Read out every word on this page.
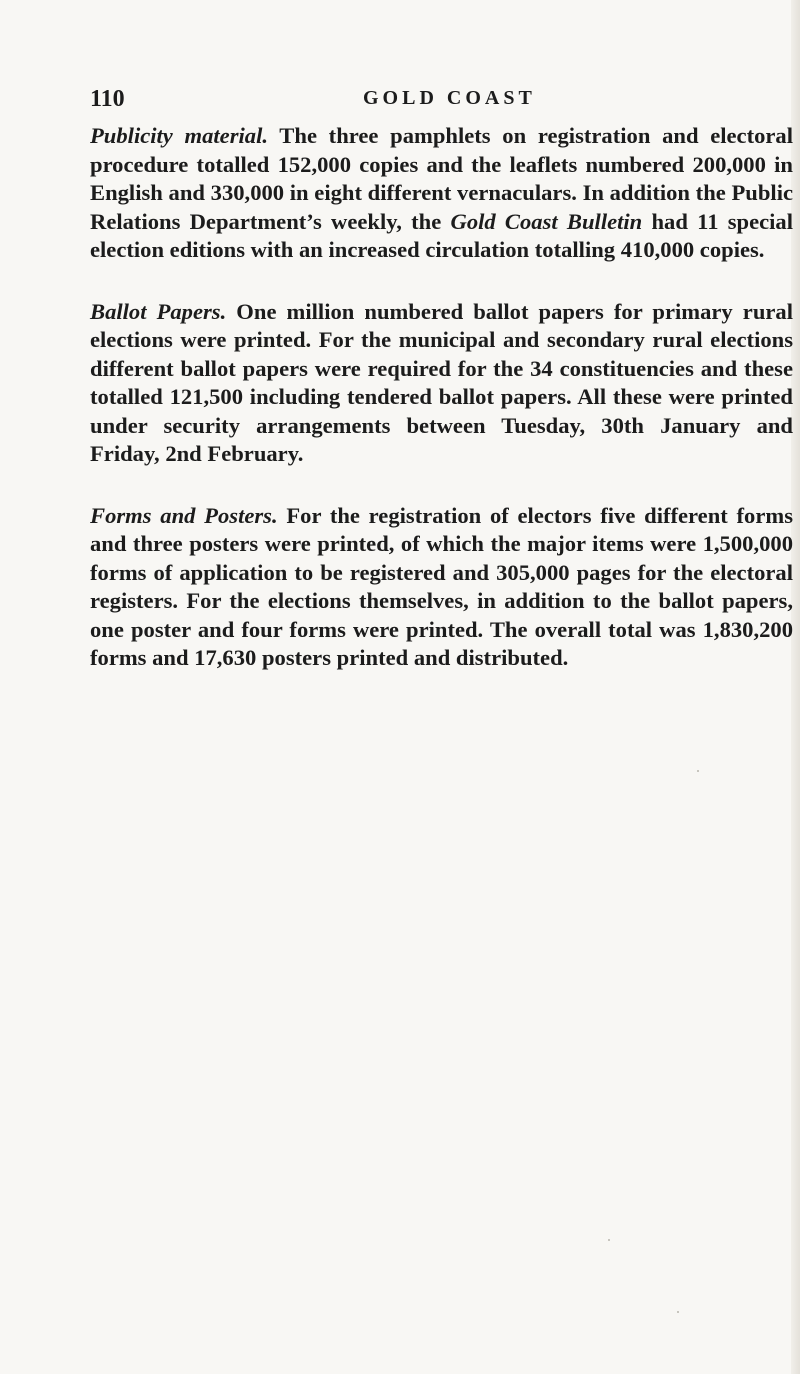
110	GOLD COAST

Publicity material. The three pamphlets on registration and electoral procedure totalled 152,000 copies and the leaflets numbered 200,000 in English and 330,000 in eight different vernaculars. In addition the Public Relations Department’s weekly, the Gold Coast Bulletin had 11 special election editions with an increased circulation totalling 410,000 copies.

Ballot Papers. One million numbered ballot papers for primary rural elections were printed. For the municipal and secondary rural elections different ballot papers were required for the 34 constituencies and these totalled 121,500 including tendered ballot papers. All these were printed under security arrangements between Tuesday, 30th January and Friday, 2nd February.

Forms and Posters. For the registration of electors five different forms and three posters were printed, of which the major items were 1,500,000 forms of application to be registered and 305,000 pages for the electoral registers. For the elections themselves, in addition to the ballot papers, one poster and four forms were printed. The overall total was 1,830,200 forms and 17,630 posters printed and distributed.
